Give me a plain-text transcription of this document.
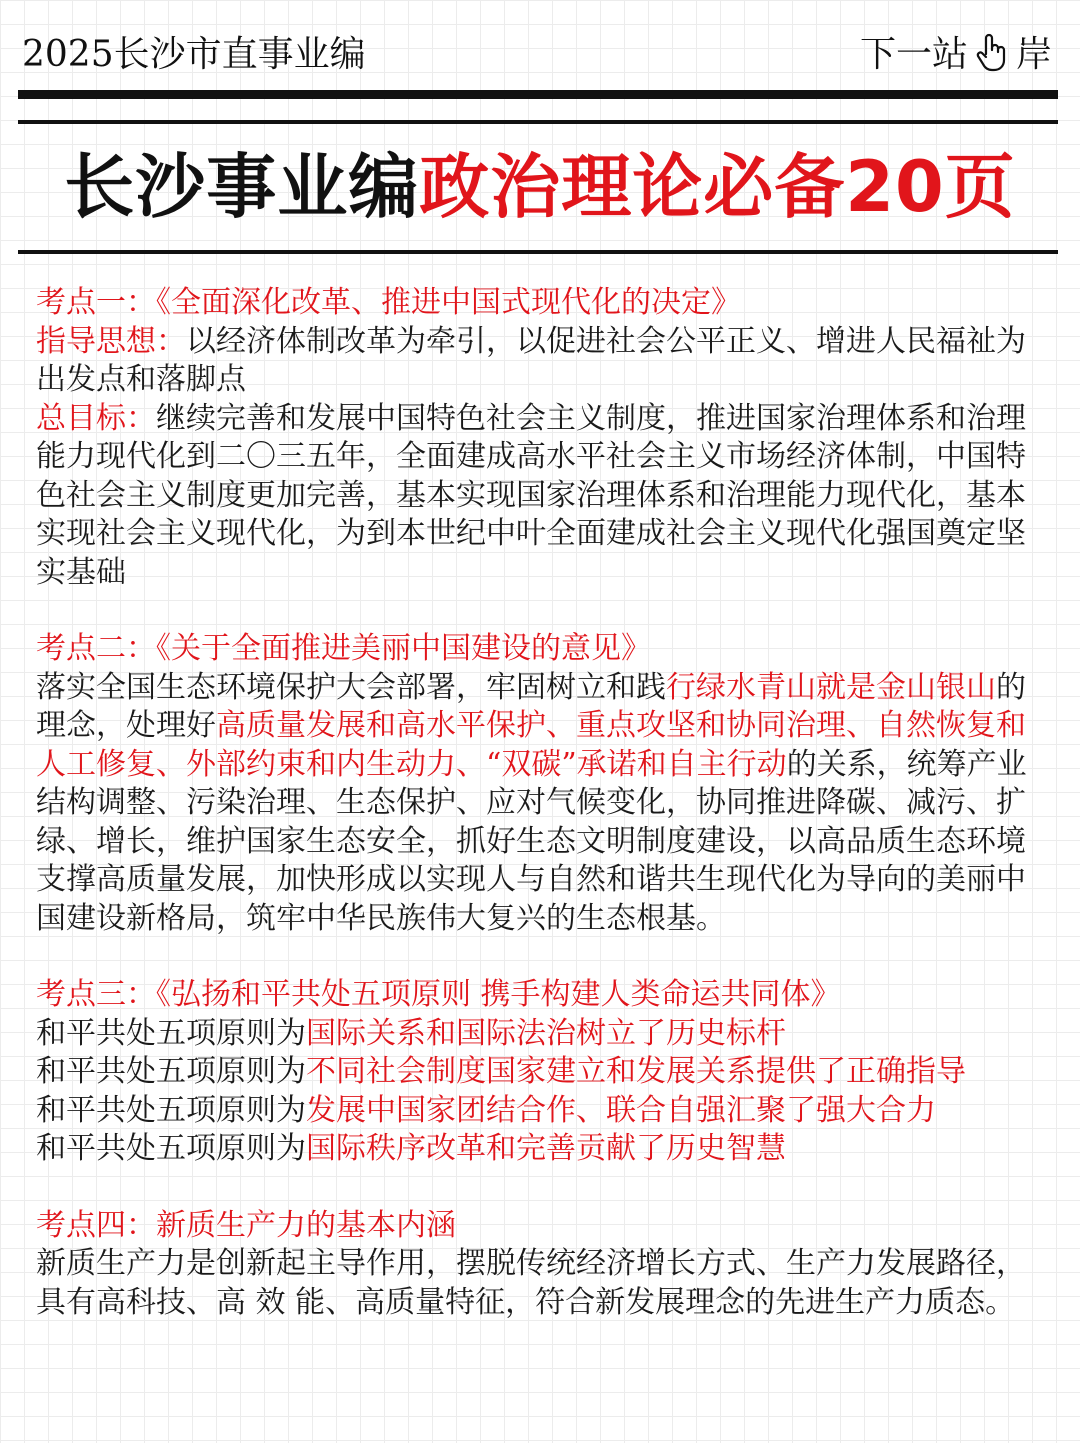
2025长沙市直事业编	下一站 岸
长沙事业编政治理论必备20页

考点一：《全面深化改革、推进中国式现代化的决定》

指导思想：以经济体制改革为牵引，以促进社会公平正义、增进人民福祉为出发点和落脚点

总目标：继续完善和发展中国特色社会主义制度，推进国家治理体系和治理能力现代化到二〇三五年，全面建成高水平社会主义市场经济体制，中国特色社会主义制度更加完善，基本实现国家治理体系和治理能力现代化，基本实现社会主义现代化，为到本世纪中叶全面建成社会主义现代化强国奠定坚实基础

考点二：《关于全面推进美丽中国建设的意见》

落实全国生态环境保护大会部署，牢固树立和践行绿水青山就是金山银山的理念，处理好高质量发展和高水平保护、重点攻坚和协同治理、自然恢复和人工修复、外部约束和内生动力、“双碳”承诺和自主行动的关系，统筹产业结构调整、污染治理、生态保护、应对气候变化，协同推进降碳、减污、扩绿、增长，维护国家生态安全，抓好生态文明制度建设，以高品质生态环境支撑高质量发展，加快形成以实现人与自然和谐共生现代化为导向的美丽中国建设新格局，筑牢中华民族伟大复兴的生态根基。

考点三：《弘扬和平共处五项原则 携手构建人类命运共同体》

和平共处五项原则为国际关系和国际法治树立了历史标杆

和平共处五项原则为不同社会制度国家建立和发展关系提供了正确指导

和平共处五项原则为发展中国家团结合作、联合自强汇聚了强大合力

和平共处五项原则为国际秩序改革和完善贡献了历史智慧

考点四：新质生产力的基本内涵

新质生产力是创新起主导作用，摆脱传统经济增长方式、生产力发展路径，具有高科技、高 效 能、高质量特征，符合新发展理念的先进生产力质态。
